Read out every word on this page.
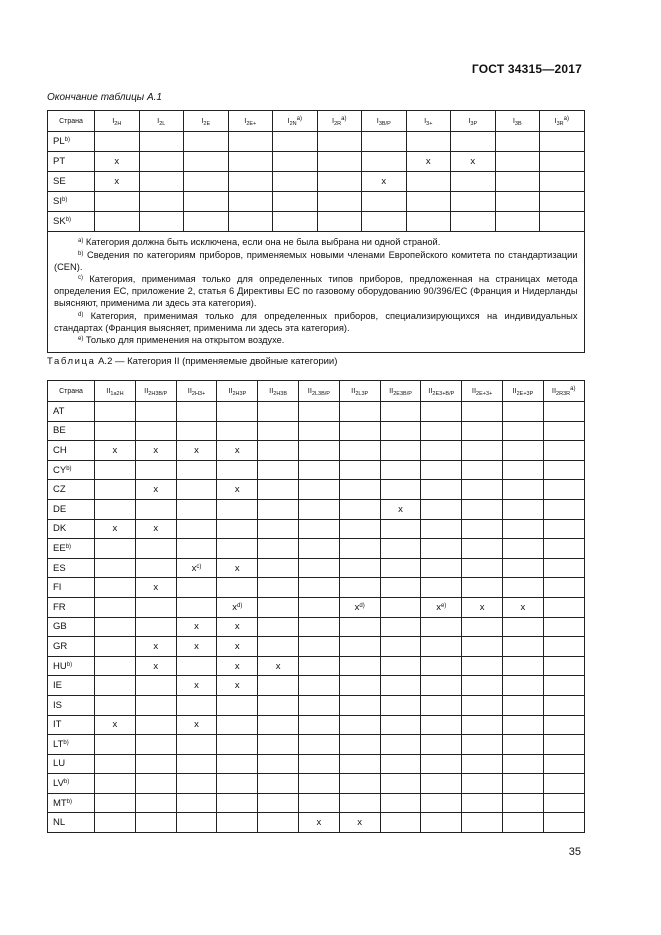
ГОСТ 34315—2017
Окончание таблицы А.1
Страна	$I_{2H}$	$I_{2L}$	$I_{2E}$	$I_{2E+}$	$I_{2N}^{a)}$	$I_{2R}^{a)}$	$I_{3B/P}$	$I_{3+}$	$I_{3P}$	$I_{3B}$	$I_{3R}^{a)}$
PL$^{b)}$											
PT	x							x	x		
SE	x						x				
SI$^{b)}$											
SK$^{b)}$											

$^{a)}$ Категория должна быть исключена, если она не была выбрана ни одной страной.

$^{b)}$ Сведения по категориям приборов, применяемых новыми членами Европейского комитета по стандартизации (CEN).

$^{c)}$ Категория, применимая только для определенных типов приборов, предложенная на страницах метода определения ЕС, приложение 2, статья 6 Директивы ЕС по газовому оборудованию 90/396/ЕС (Франция и Нидерланды выясняют, применима ли здесь эта категория).

$^{d)}$ Категория, применимая только для определенных приборов, специализирующихся на индивидуальных стандартах (Франция выясняет, применима ли здесь эта категория).

$^{e)}$ Только для применения на открытом воздухе.											

Таблица А.2 — Категория II (применяемые двойные категории)
Страна	$II_{1a2H}$	$II_{2H3B/P}$	$II_{2H3+}$	$II_{2H3P}$	$II_{2H3B}$	$II_{2L3B/P}$	$II_{2L3P}$	$II_{2E3B/P}$	$II_{2E3+B/P}$	$II_{2E+3+}$	$II_{2E+3P}$	$II_{2R3R}^{a)}$
AT												
BE												
CH	x	x	x	x								
CY$^{b)}$												
CZ		x		x								
DE								x				
DK	x	x										
EE$^{b)}$												
ES			$x^{c)}$	x								
FI		x										
FR				$x^{d)}$			$x^{d)}$		$x^{e)}$	x	x	
GB			x	x								
GR		x	x	x								
HU$^{b)}$		x		x	x							
IE			x	x								
IS												
IT	x		x									
LT$^{b)}$												
LU												
LV$^{b)}$												
MT$^{b)}$												
NL						x	x					
35
